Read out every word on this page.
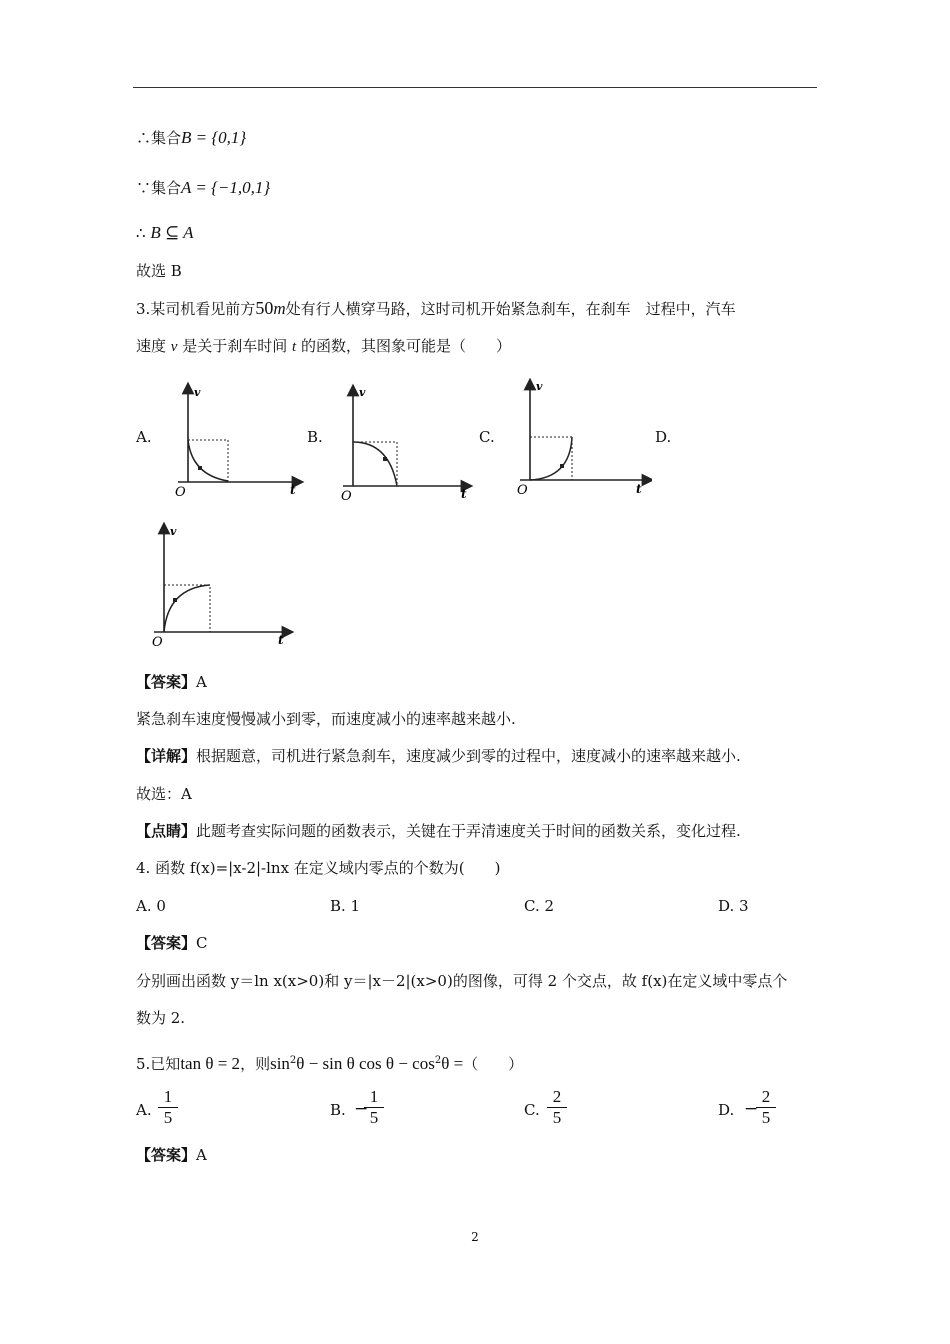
∴集合B = {0,1}
∵集合A = {−1,0,1}
∴ B ⊆ A
故选 B
3.某司机看见前方50m处有行人横穿马路，这时司机开始紧急刹车，在刹车　过程中，汽车
速度 v 是关于刹车时间 t 的函数，其图象可能是（　　）
A.	B.	C.	D.
v
t
O
v
t
O
v
t
O
v
t
O
【答案】A
紧急刹车速度慢慢减小到零，而速度减小的速率越来越小.
【详解】根据题意，司机进行紧急刹车，速度减少到零的过程中，速度减小的速率越来越小.
故选：A
【点睛】此题考查实际问题的函数表示，关键在于弄清速度关于时间的函数关系，变化过程.
4. 函数 f(x)=|x-2|-lnx 在定义域内零点的个数为(　　)
A. 0	B. 1	C. 2	D. 3
【答案】C
分别画出函数 y＝ln x(x>0)和 y＝|x－2|(x>0)的图像，可得 2 个交点，故 f(x)在定义域中零点个
数为 2.
5.已知tan θ = 2，则$\sin^2\theta - \sin \theta$ $\cos \theta - \cos^2\theta$ =（　　）
A.
1
5	B. −
1
5	C.
2
5	D. −
2
5
【答案】A
2
